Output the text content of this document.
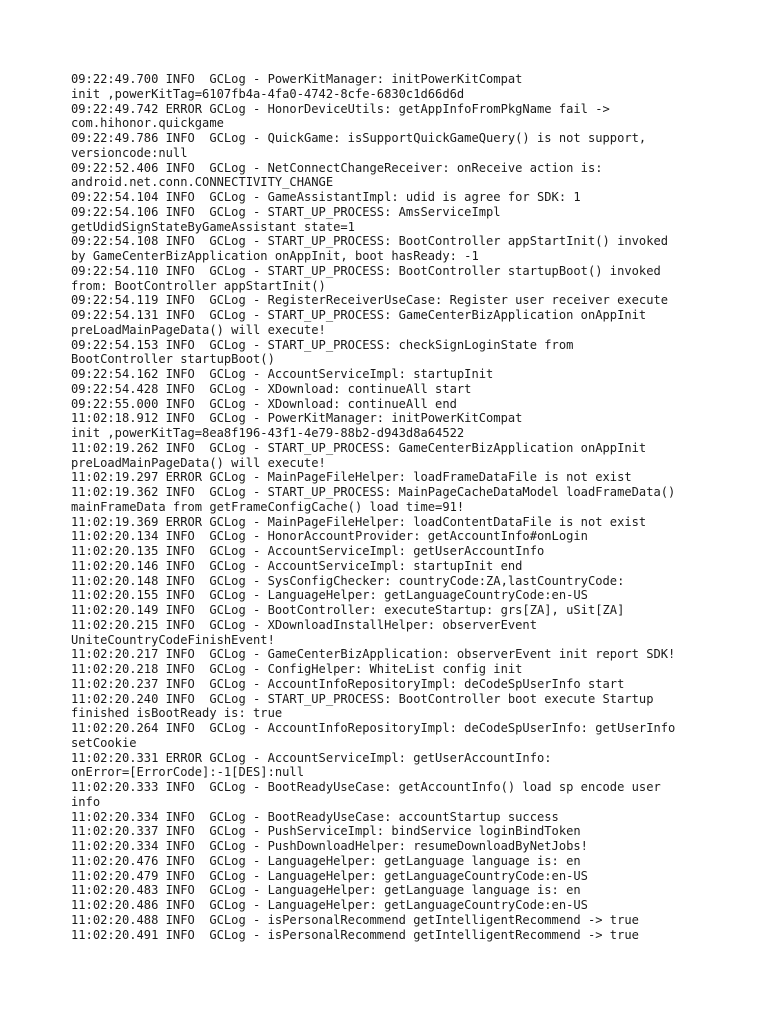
09:22:49.700 INFO  GCLog - PowerKitManager: initPowerKitCompat
init ,powerKitTag=6107fb4a-4fa0-4742-8cfe-6830c1d66d6d
09:22:49.742 ERROR GCLog - HonorDeviceUtils: getAppInfoFromPkgName fail ->
com.hihonor.quickgame
09:22:49.786 INFO  GCLog - QuickGame: isSupportQuickGameQuery() is not support,
versioncode:null
09:22:52.406 INFO  GCLog - NetConnectChangeReceiver: onReceive action is:
android.net.conn.CONNECTIVITY_CHANGE
09:22:54.104 INFO  GCLog - GameAssistantImpl: udid is agree for SDK: 1
09:22:54.106 INFO  GCLog - START_UP_PROCESS: AmsServiceImpl
getUdidSignStateByGameAssistant state=1
09:22:54.108 INFO  GCLog - START_UP_PROCESS: BootController appStartInit() invoked
by GameCenterBizApplication onAppInit, boot hasReady: -1
09:22:54.110 INFO  GCLog - START_UP_PROCESS: BootController startupBoot() invoked
from: BootController appStartInit()
09:22:54.119 INFO  GCLog - RegisterReceiverUseCase: Register user receiver execute
09:22:54.131 INFO  GCLog - START_UP_PROCESS: GameCenterBizApplication onAppInit
preLoadMainPageData() will execute!
09:22:54.153 INFO  GCLog - START_UP_PROCESS: checkSignLoginState from
BootController startupBoot()
09:22:54.162 INFO  GCLog - AccountServiceImpl: startupInit
09:22:54.428 INFO  GCLog - XDownload: continueAll start
09:22:55.000 INFO  GCLog - XDownload: continueAll end
11:02:18.912 INFO  GCLog - PowerKitManager: initPowerKitCompat
init ,powerKitTag=8ea8f196-43f1-4e79-88b2-d943d8a64522
11:02:19.262 INFO  GCLog - START_UP_PROCESS: GameCenterBizApplication onAppInit
preLoadMainPageData() will execute!
11:02:19.297 ERROR GCLog - MainPageFileHelper: loadFrameDataFile is not exist
11:02:19.362 INFO  GCLog - START_UP_PROCESS: MainPageCacheDataModel loadFrameData()
mainFrameData from getFrameConfigCache() load time=91!
11:02:19.369 ERROR GCLog - MainPageFileHelper: loadContentDataFile is not exist
11:02:20.134 INFO  GCLog - HonorAccountProvider: getAccountInfo#onLogin
11:02:20.135 INFO  GCLog - AccountServiceImpl: getUserAccountInfo
11:02:20.146 INFO  GCLog - AccountServiceImpl: startupInit end
11:02:20.148 INFO  GCLog - SysConfigChecker: countryCode:ZA,lastCountryCode:
11:02:20.155 INFO  GCLog - LanguageHelper: getLanguageCountryCode:en-US
11:02:20.149 INFO  GCLog - BootController: executeStartup: grs[ZA], uSit[ZA]
11:02:20.215 INFO  GCLog - XDownloadInstallHelper: observerEvent
UniteCountryCodeFinishEvent!
11:02:20.217 INFO  GCLog - GameCenterBizApplication: observerEvent init report SDK!
11:02:20.218 INFO  GCLog - ConfigHelper: WhiteList config init
11:02:20.237 INFO  GCLog - AccountInfoRepositoryImpl: deCodeSpUserInfo start
11:02:20.240 INFO  GCLog - START_UP_PROCESS: BootController boot execute Startup
finished isBootReady is: true
11:02:20.264 INFO  GCLog - AccountInfoRepositoryImpl: deCodeSpUserInfo: getUserInfo
setCookie
11:02:20.331 ERROR GCLog - AccountServiceImpl: getUserAccountInfo:
onError=[ErrorCode]:-1[DES]:null
11:02:20.333 INFO  GCLog - BootReadyUseCase: getAccountInfo() load sp encode user
info
11:02:20.334 INFO  GCLog - BootReadyUseCase: accountStartup success
11:02:20.337 INFO  GCLog - PushServiceImpl: bindService loginBindToken
11:02:20.334 INFO  GCLog - PushDownloadHelper: resumeDownloadByNetJobs!
11:02:20.476 INFO  GCLog - LanguageHelper: getLanguage language is: en
11:02:20.479 INFO  GCLog - LanguageHelper: getLanguageCountryCode:en-US
11:02:20.483 INFO  GCLog - LanguageHelper: getLanguage language is: en
11:02:20.486 INFO  GCLog - LanguageHelper: getLanguageCountryCode:en-US
11:02:20.488 INFO  GCLog - isPersonalRecommend getIntelligentRecommend -> true
11:02:20.491 INFO  GCLog - isPersonalRecommend getIntelligentRecommend -> true
